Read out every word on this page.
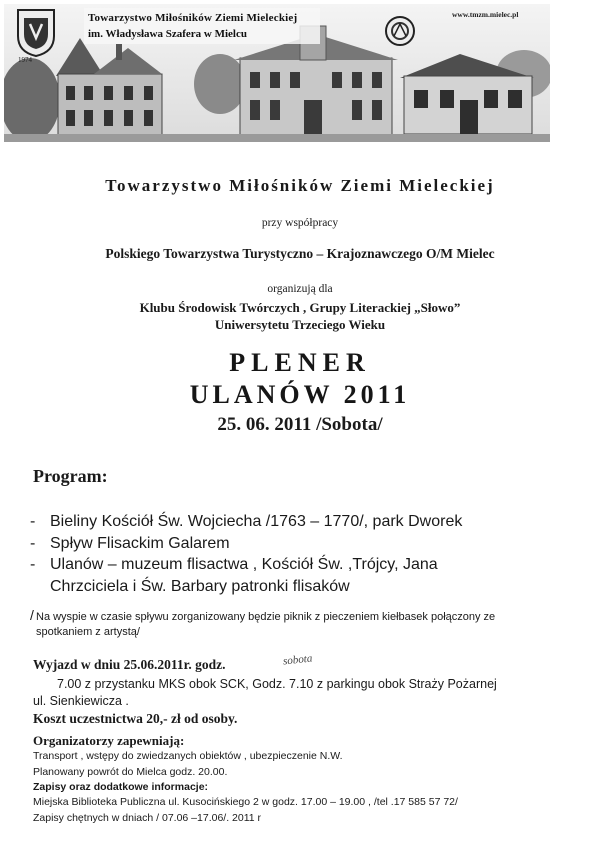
1974
Towarzystwo Miłośników Ziemi Mieleckiej
im. Władysława Szafera w Mielcu
www.tmzm.mielec.pl
Towarzystwo Miłośników Ziemi Mieleckiej
przy współpracy
Polskiego Towarzystwa Turystyczno – Krajoznawczego O/M Mielec
organizują dla
Klubu Środowisk Twórczych , Grupy Literackiej „Słowo”
Uniwersytetu Trzeciego Wieku
PLENER
ULANÓW 2011
25. 06. 2011 /Sobota/
Program:
- Bieliny Kościół Św. Wojciecha /1763 – 1770/, park Dworek
- Spływ Flisackim Galarem
- Ulanów – muzeum flisactwa , Kościół Św. ,Trójcy, Jana
Chrzciciela i Św. Barbary patronki flisaków
/ Na wyspie w czasie spływu zorganizowany będzie piknik z pieczeniem kiełbasek połączony ze
spotkaniem z artystą/
Wyjazd w dniu 25.06.2011r. godz.	sobota
7.00 z przystanku MKS obok SCK, Godz. 7.10 z parkingu obok Straży Pożarnej
ul. Sienkiewicza .
Koszt uczestnictwa 20,- zł od osoby.
Organizatorzy zapewniają:
Transport , wstępy do zwiedzanych obiektów , ubezpieczenie N.W.
Planowany powrót do Mielca godz. 20.00.
Zapisy oraz dodatkowe informacje:
Miejska Biblioteka Publiczna ul. Kusocińskiego 2 w godz. 17.00 – 19.00 , /tel .17 585 57 72/
Zapisy chętnych w dniach / 07.06 –17.06/. 2011 r
